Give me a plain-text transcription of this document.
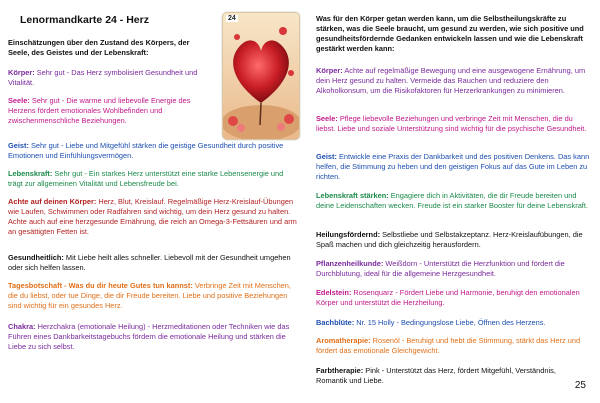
Lenormandkarte 24 - Herz	24
Einschätzungen über den Zustand des Körpers, der Seele, des Geistes und der Lebenskraft:
Körper: Sehr gut - Das Herz symbolisiert Gesundheit und Vitalität.
Seele: Sehr gut - Die warme und liebevolle Energie des Herzens fördert emotionales Wohlbefinden und zwischenmenschliche Beziehungen.
Geist: Sehr gut - Liebe und Mitgefühl stärken die geistige Gesundheit durch positive Emotionen und Einfühlungsvermögen.
Lebenskraft: Sehr gut - Ein starkes Herz unterstützt eine starke Lebensenergie und trägt zur allgemeinen Vitalität und Lebensfreude bei.
Achte auf deinen Körper: Herz, Blut, Kreislauf. Regelmäßige Herz-Kreislauf-Übungen wie Laufen, Schwimmen oder Radfahren sind wichtig, um dein Herz gesund zu halten. Achte auch auf eine herzgesunde Ernährung, die reich an Omega-3-Fettsäuren und arm an gesättigten Fetten ist.
Gesundheitlich: Mit Liebe heilt alles schneller. Liebevoll mit der Gesundheit umgehen oder sich helfen lassen.
Tagesbotschaft - Was du dir heute Gutes tun kannst: Verbringe Zeit mit Menschen, die du liebst, oder tue Dinge, die dir Freude bereiten. Liebe und positive Beziehungen sind wichtig für ein gesundes Herz.
Chakra: Herzchakra (emotionale Heilung) - Herzmeditationen oder Techniken wie das Führen eines Dankbarkeitstagebuchs fördern die emotionale Heilung und stärken die Liebe zu sich selbst.
Was für den Körper getan werden kann, um die Selbstheilungskräfte zu stärken, was die Seele braucht, um gesund zu werden, wie sich positive und gesundheitsfördernde Gedanken entwickeln lassen und wie die Lebenskraft gestärkt werden kann:
Körper: Achte auf regelmäßige Bewegung und eine ausgewogene Ernährung, um dein Herz gesund zu halten. Vermeide das Rauchen und reduziere den Alkoholkonsum, um die Risikofaktoren für Herzerkrankungen zu minimieren.
Seele: Pflege liebevolle Beziehungen und verbringe Zeit mit Menschen, die du liebst. Liebe und soziale Unterstützung sind wichtig für die psychische Gesundheit.
Geist: Entwickle eine Praxis der Dankbarkeit und des positiven Denkens. Das kann helfen, die Stimmung zu heben und den geistigen Fokus auf das Gute im Leben zu richten.
Lebenskraft stärken: Engagiere dich in Aktivitäten, die dir Freude bereiten und deine Leidenschaften wecken. Freude ist ein starker Booster für deine Lebenskraft.
Heilungsfördernd: Selbstliebe und Selbstakzeptanz. Herz-Kreislaufübungen, die Spaß machen und dich gleichzeitig herausfordern.
Pflanzenheilkunde: Weißdorn - Unterstützt die Herzfunktion und fördert die Durchblutung, ideal für die allgemeine Herzgesundheit.
Edelstein: Rosenquarz - Fördert Liebe und Harmonie, beruhigt den emotionalen Körper und unterstützt die Herzheilung.
Bachblüte: Nr. 15 Holly - Bedingungslose Liebe, Öffnen des Herzens.
Aromatherapie: Rosenöl - Beruhigt und hebt die Stimmung, stärkt das Herz und fördert das emotionale Gleichgewicht.
Farbtherapie: Pink - Unterstützt das Herz, fördert Mitgefühl, Verständnis, Romantik und Liebe.	25
